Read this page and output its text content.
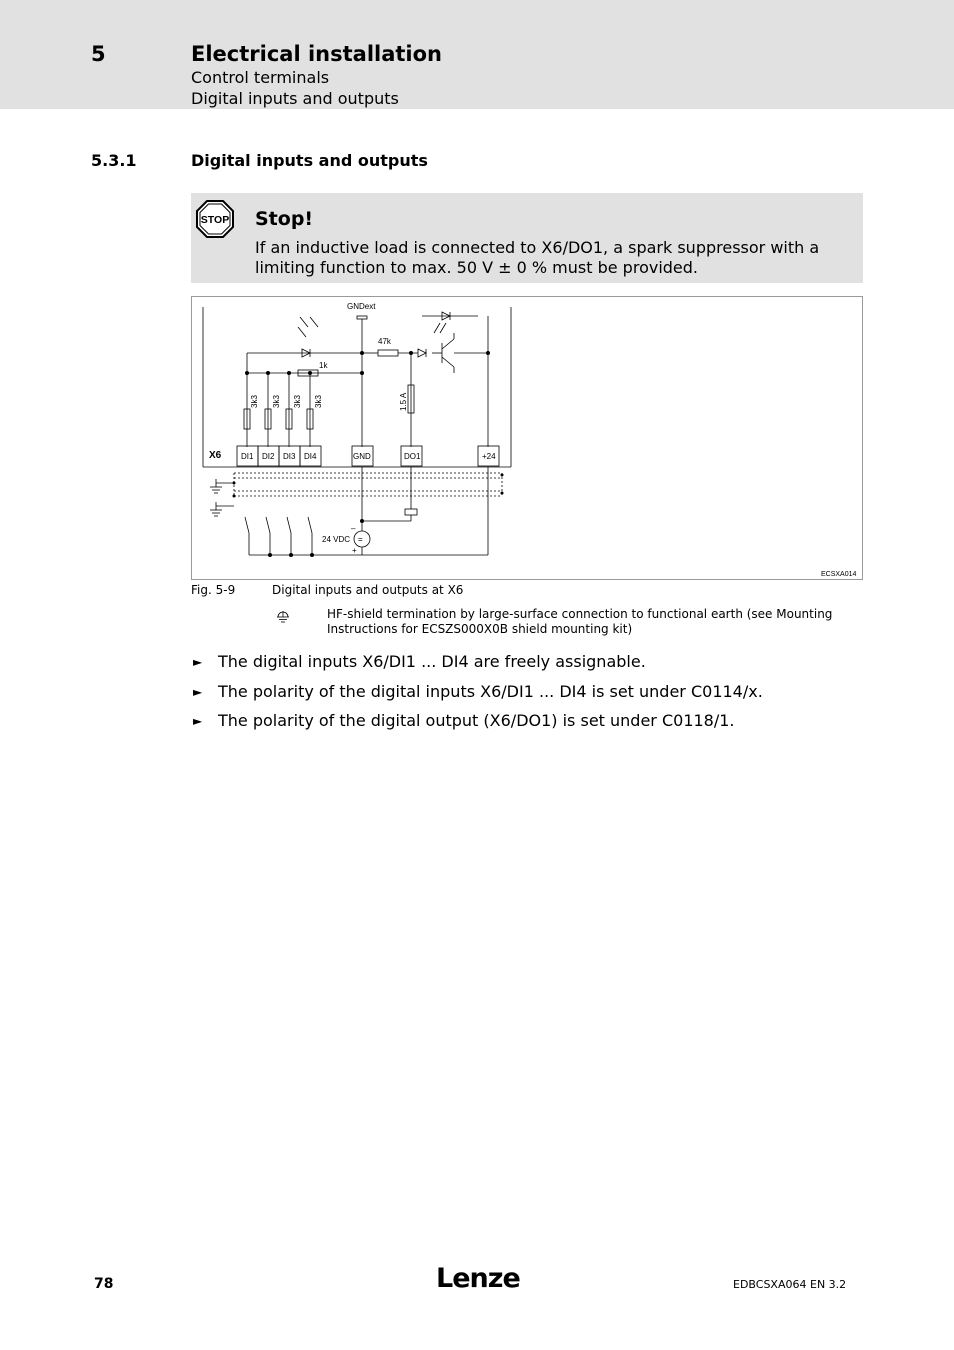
5	Electrical installation
Control terminals
Digital inputs and outputs
5.3.1	Digital inputs and outputs
STOP Stop!
If an inductive load is connected to X6/DO1, a spark suppressor with a limiting function to max. 50 V ± 0 % must be provided.
GNDext
47k
1k
3k3 3k3 3k3 3k3	1.5 A
X6 DI1 DI2 DI3 DI4	GND	DO1	+24
24 VDC
–
+
=
ECSXA014
Fig. 5-9	Digital inputs and outputs at X6
HF-shield termination by large-surface connection to functional earth (see Mounting Instructions for ECSZS000X0B shield mounting kit)
► The digital inputs X6/DI1 ... DI4 are freely assignable.
► The polarity of the digital inputs X6/DI1 ... DI4 is set under C0114/x.
► The polarity of the digital output (X6/DO1) is set under C0118/1.
78	Lenze	EDBCSXA064 EN 3.2
